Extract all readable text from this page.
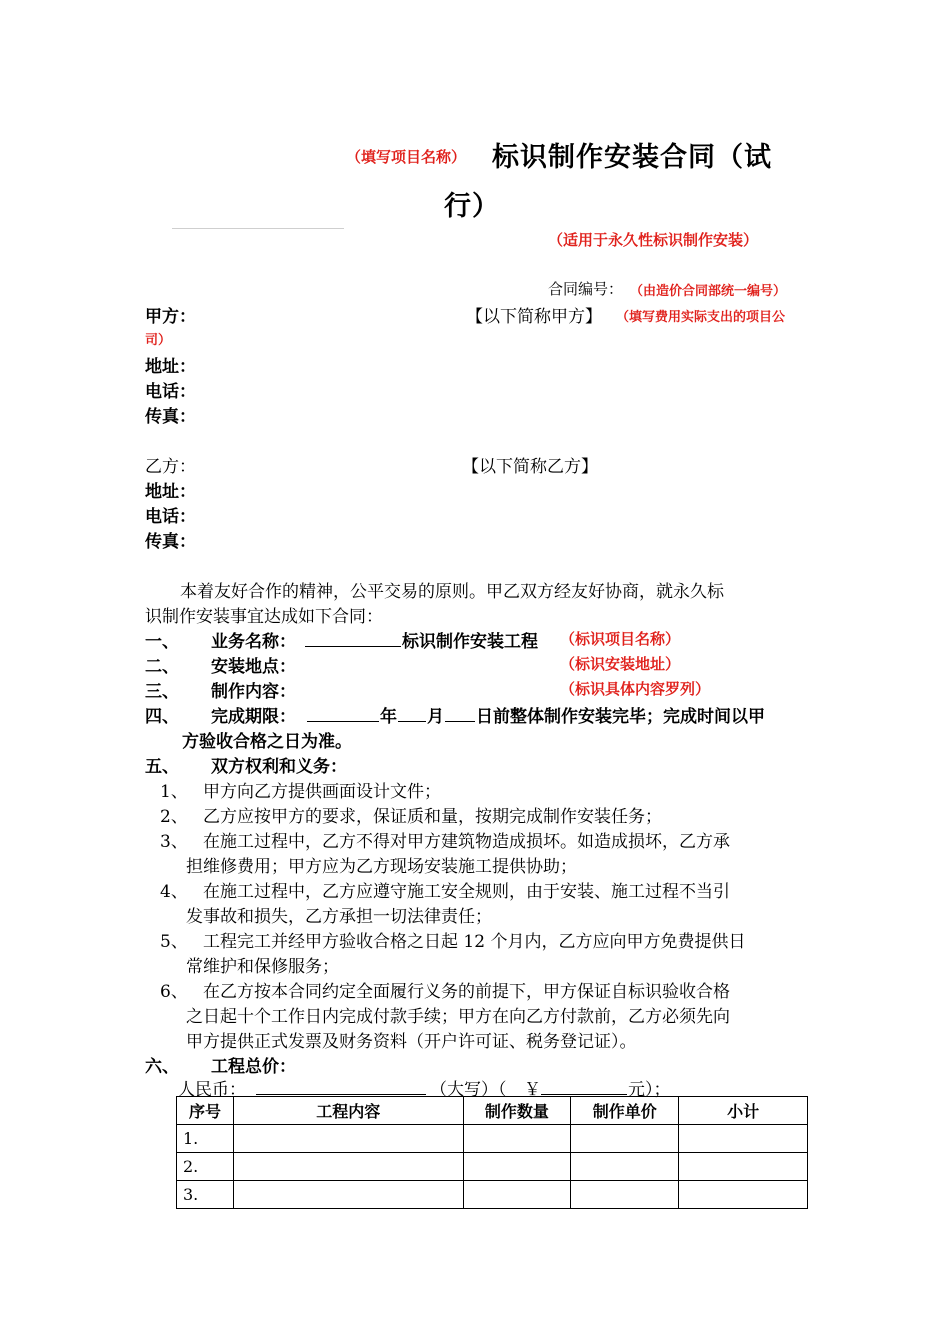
（填写项目名称） 标识制作安装合同（试
行）
（适用于永久性标识制作安装）
合同编号： （由造价合同部统一编号）
甲方：	【以下简称甲方】 （填写费用实际支出的项目公
司）
地址：
电话：
传真：
乙方：	【以下简称乙方】
地址：
电话：
传真：
本着友好合作的精神，公平交易的原则。甲乙双方经友好协商，就永久标
识制作安装事宜达成如下合同：
一、 业务名称：	标识制作安装工程 （标识项目名称）
二、 安装地点：	（标识安装地址）
三、 制作内容：	（标识具体内容罗列）
四、 完成期限：	年 月 日前整体制作安装完毕；完成时间以甲
方验收合格之日为准。
五、 双方权利和义务：
1、 甲方向乙方提供画面设计文件；
2、 乙方应按甲方的要求，保证质和量，按期完成制作安装任务；
3、 在施工过程中，乙方不得对甲方建筑物造成损坏。如造成损坏，乙方承
担维修费用；甲方应为乙方现场安装施工提供协助；
4、 在施工过程中，乙方应遵守施工安全规则，由于安装、施工过程不当引
发事故和损失，乙方承担一切法律责任；
5、 工程完工并经甲方验收合格之日起 12 个月内，乙方应向甲方免费提供日
常维护和保修服务；
6、 在乙方按本合同约定全面履行义务的前提下，甲方保证自标识验收合格
之日起十个工作日内完成付款手续；甲方在向乙方付款前，乙方必须先向
甲方提供正式发票及财务资料（开户许可证、税务登记证）。
六、 工程总价：
人民币：	（大写）（ ￥	元）；
序号	工程内容	制作数量	制作单价	小计
1.				
2.				
3.				
